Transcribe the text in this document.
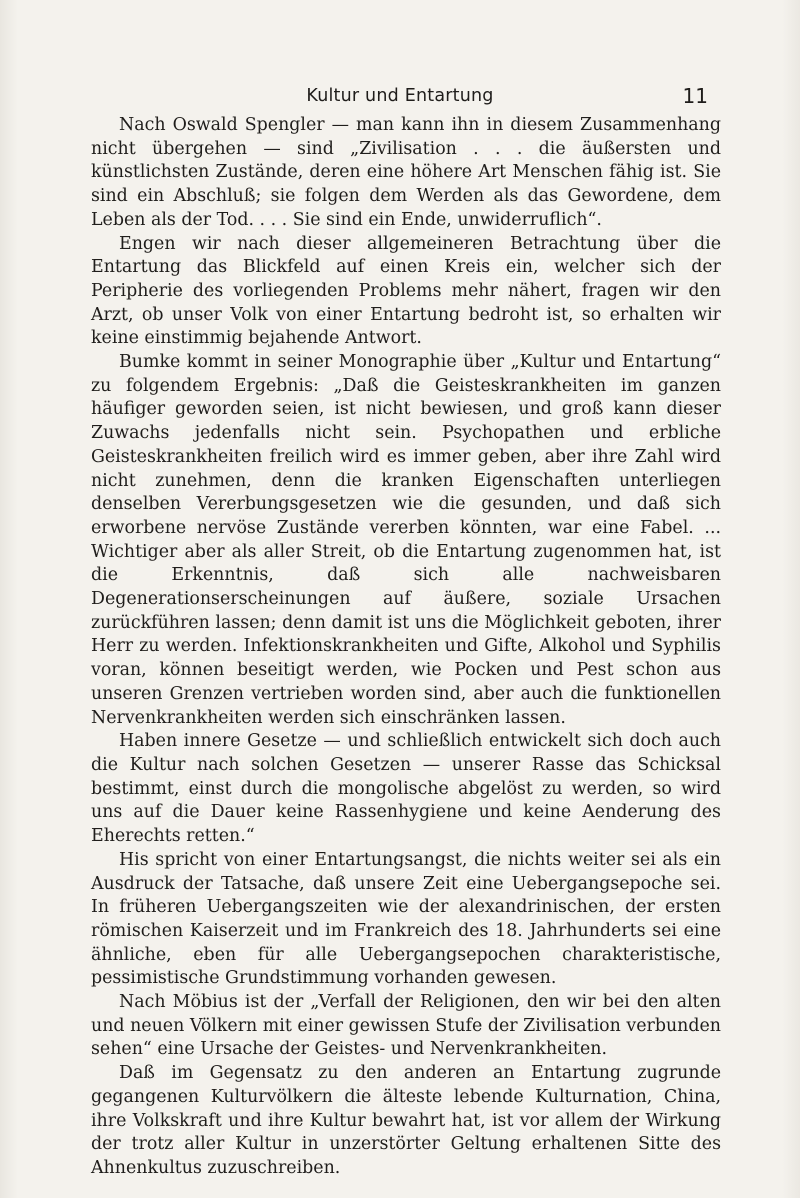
Kultur und Entartung	11

Nach Oswald Spengler — man kann ihn in diesem Zusammenhang nicht übergehen — sind „Zivilisation . . . die äußersten und künstlichsten Zustände, deren eine höhere Art Menschen fähig ist. Sie sind ein Abschluß; sie folgen dem Werden als das Gewordene, dem Leben als der Tod. . . . Sie sind ein Ende, unwiderruflich“.

Engen wir nach dieser allgemeineren Betrachtung über die Entartung das Blickfeld auf einen Kreis ein, welcher sich der Peripherie des vorliegenden Problems mehr nähert, fragen wir den Arzt, ob unser Volk von einer Entartung bedroht ist, so erhalten wir keine einstimmig bejahende Antwort.

Bumke kommt in seiner Monographie über „Kultur und Entartung“ zu folgendem Ergebnis: „Daß die Geisteskrankheiten im ganzen häufiger geworden seien, ist nicht bewiesen, und groß kann dieser Zuwachs jedenfalls nicht sein. Psychopathen und erbliche Geisteskrankheiten freilich wird es immer geben, aber ihre Zahl wird nicht zunehmen, denn die kranken Eigenschaften unterliegen denselben Vererbungsgesetzen wie die gesunden, und daß sich erworbene nervöse Zustände vererben könnten, war eine Fabel. ... Wichtiger aber als aller Streit, ob die Entartung zugenommen hat, ist die Erkenntnis, daß sich alle nachweisbaren Degenerationserscheinungen auf äußere, soziale Ursachen zurückführen lassen; denn damit ist uns die Möglichkeit geboten, ihrer Herr zu werden. Infektionskrankheiten und Gifte, Alkohol und Syphilis voran, können beseitigt werden, wie Pocken und Pest schon aus unseren Grenzen vertrieben worden sind, aber auch die funktionellen Nervenkrankheiten werden sich einschränken lassen.

Haben innere Gesetze — und schließlich entwickelt sich doch auch die Kultur nach solchen Gesetzen — unserer Rasse das Schicksal bestimmt, einst durch die mongolische abgelöst zu werden, so wird uns auf die Dauer keine Rassenhygiene und keine Aenderung des Eherechts retten.“

His spricht von einer Entartungsangst, die nichts weiter sei als ein Ausdruck der Tatsache, daß unsere Zeit eine Uebergangsepoche sei. In früheren Uebergangszeiten wie der alexandrinischen, der ersten römischen Kaiserzeit und im Frankreich des 18. Jahrhunderts sei eine ähnliche, eben für alle Uebergangsepochen charakteristische, pessimistische Grundstimmung vorhanden gewesen.

Nach Möbius ist der „Verfall der Religionen, den wir bei den alten und neuen Völkern mit einer gewissen Stufe der Zivilisation verbunden sehen“ eine Ursache der Geistes- und Nervenkrankheiten.

Daß im Gegensatz zu den anderen an Entartung zugrunde gegangenen Kulturvölkern die älteste lebende Kulturnation, China, ihre Volkskraft und ihre Kultur bewahrt hat, ist vor allem der Wirkung der trotz aller Kultur in unzerstörter Geltung erhaltenen Sitte des Ahnenkultus zuzuschreiben.
